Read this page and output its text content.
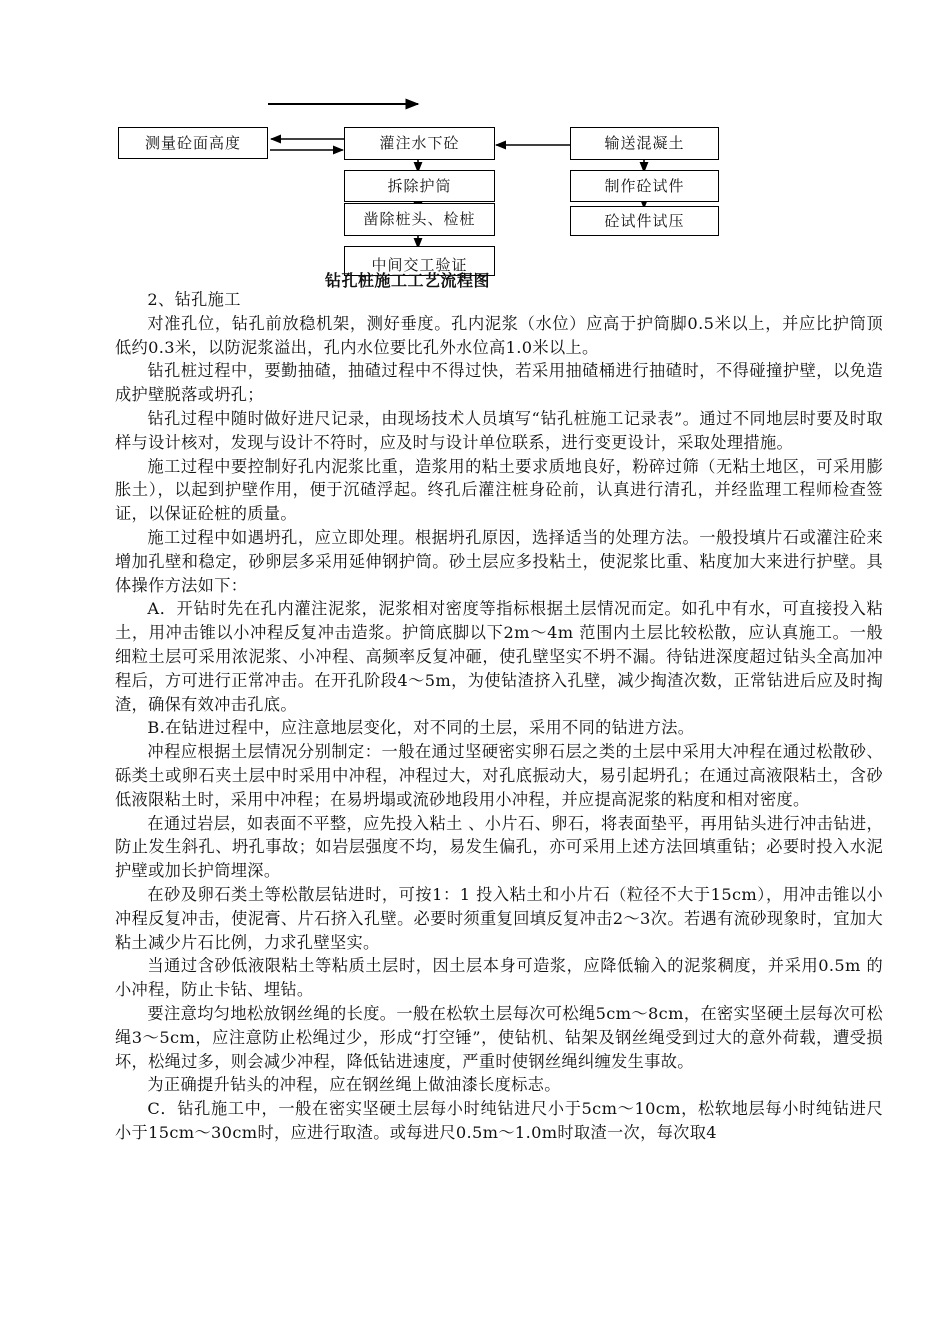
测量砼面高度	灌注水下砼	输送混凝土
拆除护筒	制作砼试件
凿除桩头、检桩	砼试件试压
中间交工验证
钻孔桩施工工艺流程图

2、钻孔施工

对准孔位，钻孔前放稳机架，测好垂度。孔内泥浆（水位）应高于护筒脚0.5米以上，并应比护筒顶低约0.3米，以防泥浆溢出，孔内水位要比孔外水位高1.0米以上。

钻孔桩过程中，要勤抽碴，抽碴过程中不得过快，若采用抽碴桶进行抽碴时，不得碰撞护壁，以免造成护壁脱落或坍孔；

钻孔过程中随时做好进尺记录，由现场技术人员填写“钻孔桩施工记录表”。通过不同地层时要及时取样与设计核对，发现与设计不符时，应及时与设计单位联系，进行变更设计，采取处理措施。

施工过程中要控制好孔内泥浆比重，造浆用的粘土要求质地良好，粉碎过筛（无粘土地区，可采用膨胀土），以起到护壁作用，便于沉碴浮起。终孔后灌注桩身砼前，认真进行清孔，并经监理工程师检查签证，以保证砼桩的质量。

施工过程中如遇坍孔，应立即处理。根据坍孔原因，选择适当的处理方法。一般投填片石或灌注砼来增加孔壁和稳定，砂卵层多采用延伸钢护筒。砂土层应多投粘土，使泥浆比重、粘度加大来进行护壁。具体操作方法如下：

A．开钻时先在孔内灌注泥浆，泥浆相对密度等指标根据土层情况而定。如孔中有水，可直接投入粘土，用冲击锥以小冲程反复冲击造浆。护筒底脚以下2m～4m 范围内土层比较松散，应认真施工。一般细粒土层可采用浓泥浆、小冲程、高频率反复冲砸，使孔壁坚实不坍不漏。待钻进深度超过钻头全高加冲程后，方可进行正常冲击。在开孔阶段4～5m，为使钻渣挤入孔壁，减少掏渣次数，正常钻进后应及时掏渣，确保有效冲击孔底。

B.在钻进过程中，应注意地层变化，对不同的土层，采用不同的钻进方法。

冲程应根据土层情况分别制定：一般在通过坚硬密实卵石层之类的土层中采用大冲程在通过松散砂、砾类土或卵石夹土层中时采用中冲程，冲程过大，对孔底振动大，易引起坍孔；在通过高液限粘土，含砂低液限粘土时，采用中冲程；在易坍塌或流砂地段用小冲程，并应提高泥浆的粘度和相对密度。

在通过岩层，如表面不平整，应先投入粘土 、小片石、卵石，将表面垫平，再用钻头进行冲击钻进，防止发生斜孔、坍孔事故；如岩层强度不均，易发生偏孔，亦可采用上述方法回填重钻；必要时投入水泥护壁或加长护筒埋深。

在砂及卵石类土等松散层钻进时，可按1：1 投入粘土和小片石（粒径不大于15cm），用冲击锥以小冲程反复冲击，使泥膏、片石挤入孔壁。必要时须重复回填反复冲击2～3次。若遇有流砂现象时，宜加大粘土减少片石比例，力求孔壁坚实。

当通过含砂低液限粘土等粘质土层时，因土层本身可造浆，应降低输入的泥浆稠度，并采用0.5m 的小冲程，防止卡钻、埋钻。

要注意均匀地松放钢丝绳的长度。一般在松软土层每次可松绳5cm～8cm，在密实坚硬土层每次可松绳3～5cm，应注意防止松绳过少，形成“打空锤”，使钻机、钻架及钢丝绳受到过大的意外荷载，遭受损坏，松绳过多，则会减少冲程，降低钻进速度，严重时使钢丝绳纠缠发生事故。

为正确提升钻头的冲程，应在钢丝绳上做油漆长度标志。

C．钻孔施工中，一般在密实坚硬土层每小时纯钻进尺小于5cm～10cm，松软地层每小时纯钻进尺小于15cm～30cm时，应进行取渣。或每进尺0.5m～1.0m时取渣一次，每次取4
